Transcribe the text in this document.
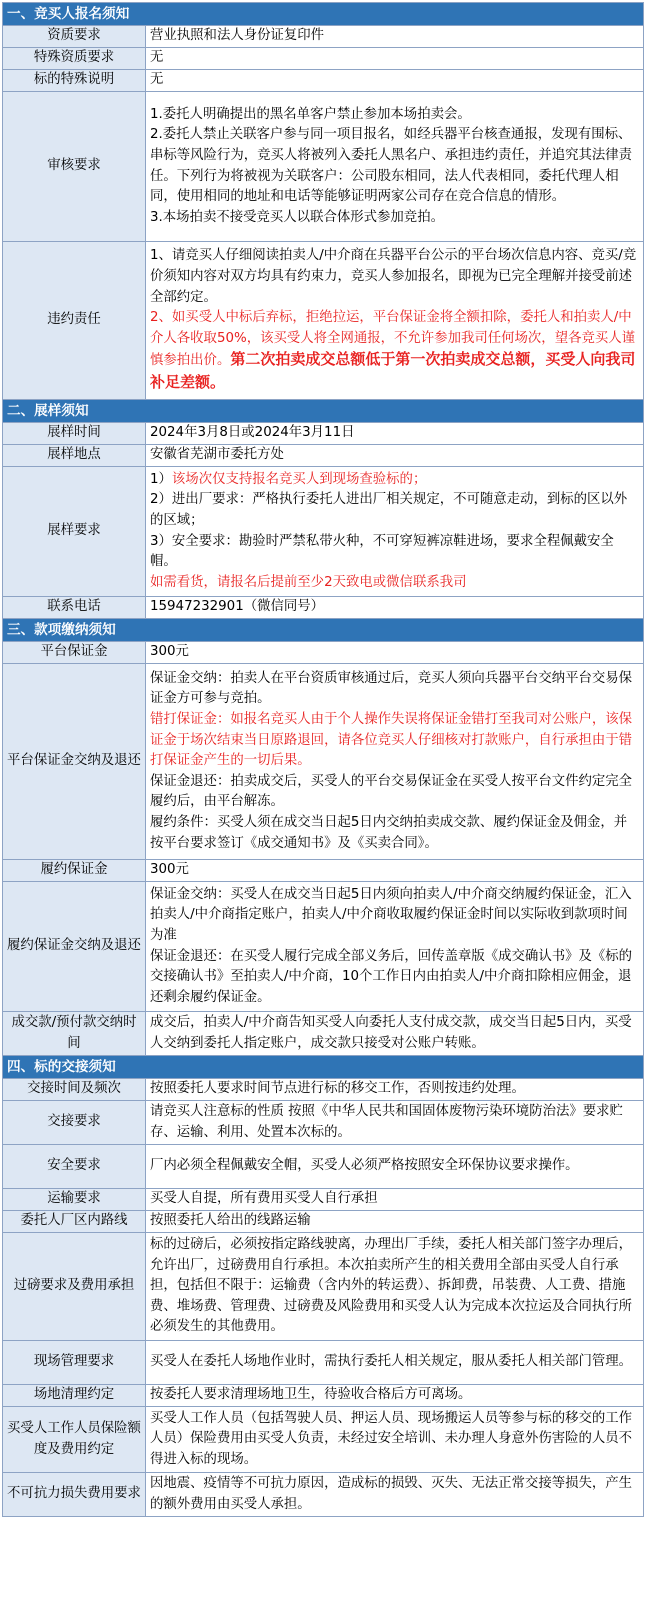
一、竞买人报名须知	
资质要求	营业执照和法人身份证复印件
特殊资质要求	无
标的特殊说明	无
审核要求	1.委托人明确提出的黑名单客户禁止参加本场拍卖会。
2.委托人禁止关联客户参与同一项目报名，如经兵器平台核查通报，发现有围标、串标等风险行为，竞买人将被列入委托人黑名户、承担违约责任，并追究其法律责任。下列行为将被视为关联客户：公司股东相同，法人代表相同，委托代理人相同，使用相同的地址和电话等能够证明两家公司存在竞合信息的情形。
3.本场拍卖不接受竞买人以联合体形式参加竞拍。

违约责任	1、请竞买人仔细阅读拍卖人/中介商在兵器平台公示的平台场次信息内容、竞买/竞价须知内容对双方均具有约束力，竞买人参加报名，即视为已完全理解并接受前述全部约定。
2、如买受人中标后弃标，拒绝拉运，平台保证金将全额扣除，委托人和拍卖人/中介人各收取50%，该买受人将全网通报，不允许参加我司任何场次，望各竞买人谨慎参拍出价。第二次拍卖成交总额低于第一次拍卖成交总额，买受人向我司补足差额。

二、展样须知	
展样时间	2024年3月8日或2024年3月11日
展样地点	安徽省芜湖市委托方处
展样要求	1）该场次仅支持报名竞买人到现场查验标的；
2）进出厂要求：严格执行委托人进出厂相关规定，不可随意走动，到标的区以外的区域；
3）安全要求：勘验时严禁私带火种，不可穿短裤凉鞋进场，要求全程佩戴安全帽。
如需看货，请报名后提前至少2天致电或微信联系我司

联系电话	15947232901（微信同号）
三、款项缴纳须知	
平台保证金	300元
平台保证金交纳及退还	保证金交纳：拍卖人在平台资质审核通过后，竞买人须向兵器平台交纳平台交易保证金方可参与竞拍。
错打保证金：如报名竞买人由于个人操作失误将保证金错打至我司对公账户，该保证金于场次结束当日原路退回，请各位竞买人仔细核对打款账户，自行承担由于错打保证金产生的一切后果。
保证金退还：拍卖成交后，买受人的平台交易保证金在买受人按平台文件约定完全履约后，由平台解冻。
履约条件：买受人须在成交当日起5日内交纳拍卖成交款、履约保证金及佣金，并按平台要求签订《成交通知书》及《买卖合同》。

履约保证金	300元
履约保证金交纳及退还	保证金交纳：买受人在成交当日起5日内须向拍卖人/中介商交纳履约保证金，汇入拍卖人/中介商指定账户，拍卖人/中介商收取履约保证金时间以实际收到款项时间为准
保证金退还：在买受人履行完成全部义务后，回传盖章版《成交确认书》及《标的交接确认书》至拍卖人/中介商，10个工作日内由拍卖人/中介商扣除相应佣金，退还剩余履约保证金。

成交款/预付款交纳时间	成交后，拍卖人/中介商告知买受人向委托人支付成交款，成交当日起5日内，买受人交纳到委托人指定账户，成交款只接受对公账户转账。
四、标的交接须知	
交接时间及频次	按照委托人要求时间节点进行标的移交工作，否则按违约处理。
交接要求	请竞买人注意标的性质 按照《中华人民共和国固体废物污染环境防治法》要求贮存、运输、利用、处置本次标的。
安全要求	厂内必须全程佩戴安全帽，买受人必须严格按照安全环保协议要求操作。
运输要求	买受人自提，所有费用买受人自行承担
委托人厂区内路线	按照委托人给出的线路运输
过磅要求及费用承担	标的过磅后，必须按指定路线驶离，办理出厂手续，委托人相关部门签字办理后，允许出厂，过磅费用自行承担。本次拍卖所产生的相关费用全部由买受人自行承担，包括但不限于：运输费（含内外的转运费）、拆卸费，吊装费、人工费、措施费、堆场费、管理费、过磅费及风险费用和买受人认为完成本次拉运及合同执行所必须发生的其他费用。
现场管理要求	买受人在委托人场地作业时，需执行委托人相关规定，服从委托人相关部门管理。
场地清理约定	按委托人要求清理场地卫生，待验收合格后方可离场。
买受人工作人员保险额度及费用约定	买受人工作人员（包括驾驶人员、押运人员、现场搬运人员等参与标的移交的工作人员）保险费用由买受人负责，未经过安全培训、未办理人身意外伤害险的人员不得进入标的现场。
不可抗力损失费用要求	因地震、疫情等不可抗力原因，造成标的损毁、灭失、无法正常交接等损失，产生的额外费用由买受人承担。
